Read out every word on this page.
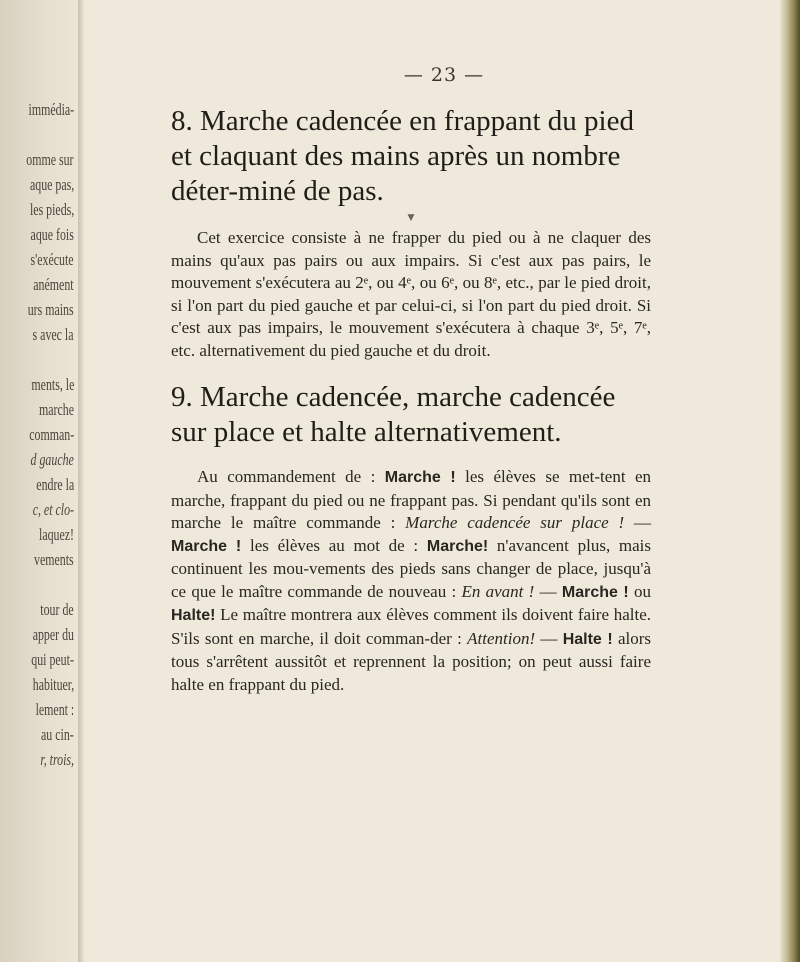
immédia-
omme sur
aque pas,
les pieds,
aque fois
s'exécute
anément
urs mains
s avec la
ments, le
marche
comman-
d gauche
endre la
c, et clo-
laquez!
vements
tour de
apper du
qui peut-
habituer,
lement :
au cin-
r, trois,
— 23 —
8. Marche cadencée en frappant du pied et claquant des mains après un nombre déter-miné de pas.
▼

Cet exercice consiste à ne frapper du pied ou à ne claquer des mains qu'aux pas pairs ou aux impairs. Si c'est aux pas pairs, le mouvement s'exécutera au 2ᵉ, ou 4ᵉ, ou 6ᵉ, ou 8ᵉ, etc., par le pied droit, si l'on part du pied gauche et par celui-ci, si l'on part du pied droit. Si c'est aux pas impairs, le mouvement s'exécutera à chaque 3ᵉ, 5ᵉ, 7ᵉ, etc. alternativement du pied gauche et du droit.

9. Marche cadencée, marche cadencée sur place et halte alternativement.

Au commandement de : Marche ! les élèves se met-tent en marche, frappant du pied ou ne frappant pas. Si pendant qu'ils sont en marche le maître commande : Marche cadencée sur place ! — Marche ! les élèves au mot de : Marche! n'avancent plus, mais continuent les mou-vements des pieds sans changer de place, jusqu'à ce que le maître commande de nouveau : En avant ! — Marche ! ou Halte! Le maître montrera aux élèves comment ils doivent faire halte. S'ils sont en marche, il doit comman-der : Attention! — Halte ! alors tous s'arrêtent aussitôt et reprennent la position; on peut aussi faire halte en frappant du pied.
